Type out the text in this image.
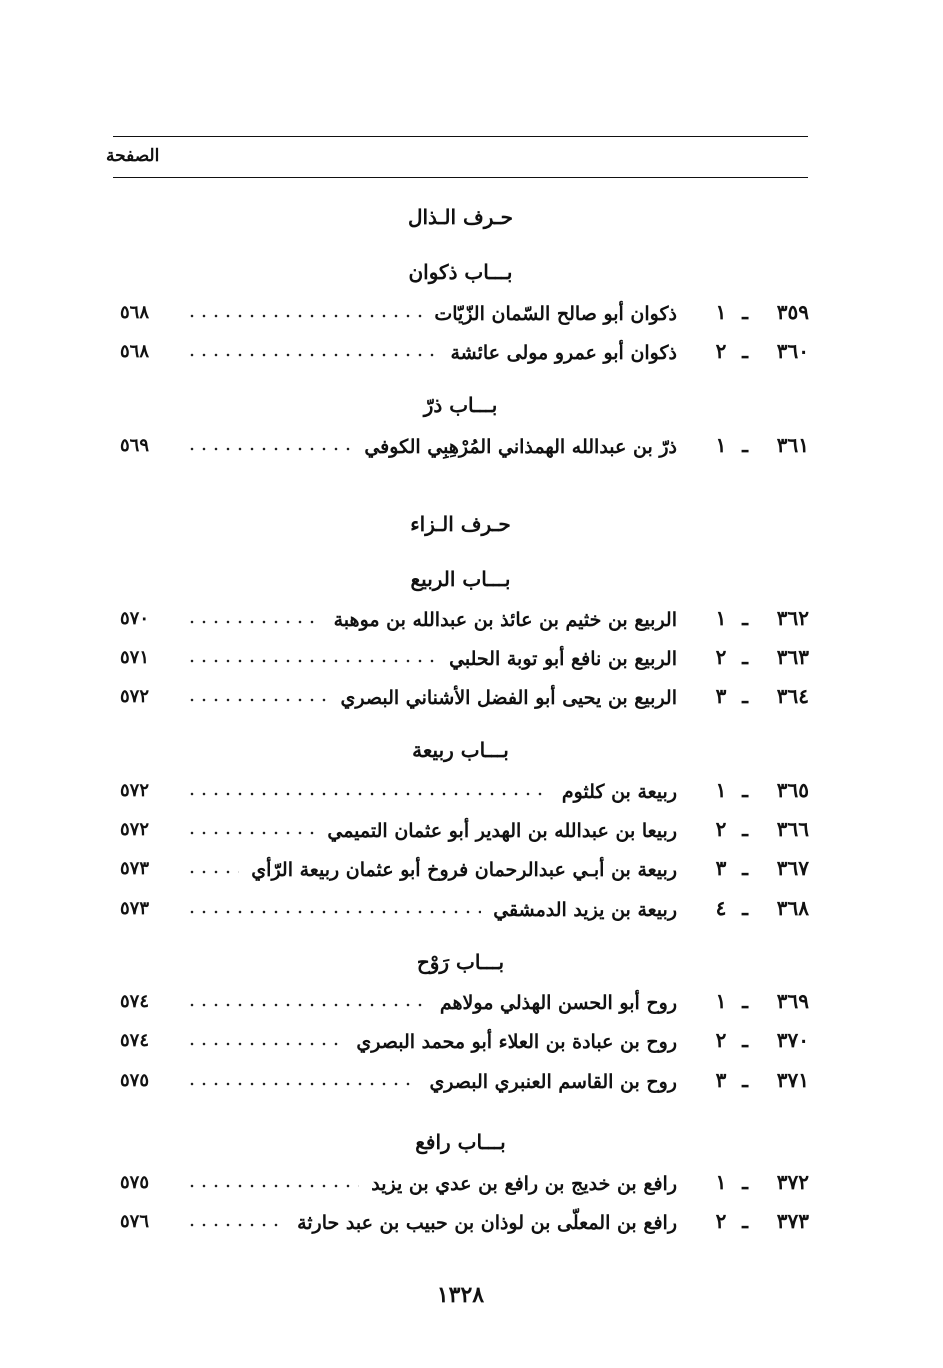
الصفحة
حـرف الـذال
بـــاب ذكوان
٣٥٩
١ ـ
ذكوان أبو صالح السّمان الزّيّات
٥٦٨
٣٦٠
٢ ـ
ذكوان أبو عمرو مولى عائشة
٥٦٨
بـــاب ذرّ
٣٦١
١ ـ
ذرّ بن عبدالله الهمذاني المُرْهِبِي الكوفي
٥٦٩
حـرف الـزاء
بـــاب الربيع
٣٦٢
١ ـ
الربيع بن خثيم بن عائذ بن عبدالله بن موهبة
٥٧٠
٣٦٣
٢ ـ
الربيع بن نافع أبو توبة الحلبي
٥٧١
٣٦٤
٣ ـ
الربيع بن يحيى أبو الفضل الأشناني البصري
٥٧٢
بـــاب ربيعة
٣٦٥
١ ـ
ربيعة بن كلثوم
٥٧٢
٣٦٦
٢ ـ
ربيعا بن عبدالله بن الهدير أبو عثمان التميمي
٥٧٢
٣٦٧
٣ ـ
ربيعة بن أبـي عبدالرحمان فروخ أبو عثمان ربيعة الرّأي
٥٧٣
٣٦٨
٤ ـ
ربيعة بن يزيد الدمشقي
٥٧٣
بـــاب رَوْح
٣٦٩
١ ـ
روح أبو الحسن الهذلي مولاهم
٥٧٤
٣٧٠
٢ ـ
روح بن عبادة بن العلاء أبو محمد البصري
٥٧٤
٣٧١
٣ ـ
روح بن القاسم العنبري البصري
٥٧٥
بـــاب رافع
٣٧٢
١ ـ
رافع بن خديج بن رافع بن عدي بن يزيد
٥٧٥
٣٧٣
٢ ـ
رافع بن المعلّى بن لوذان بن حبيب بن عبد حارثة
٥٧٦
١٣٢٨
